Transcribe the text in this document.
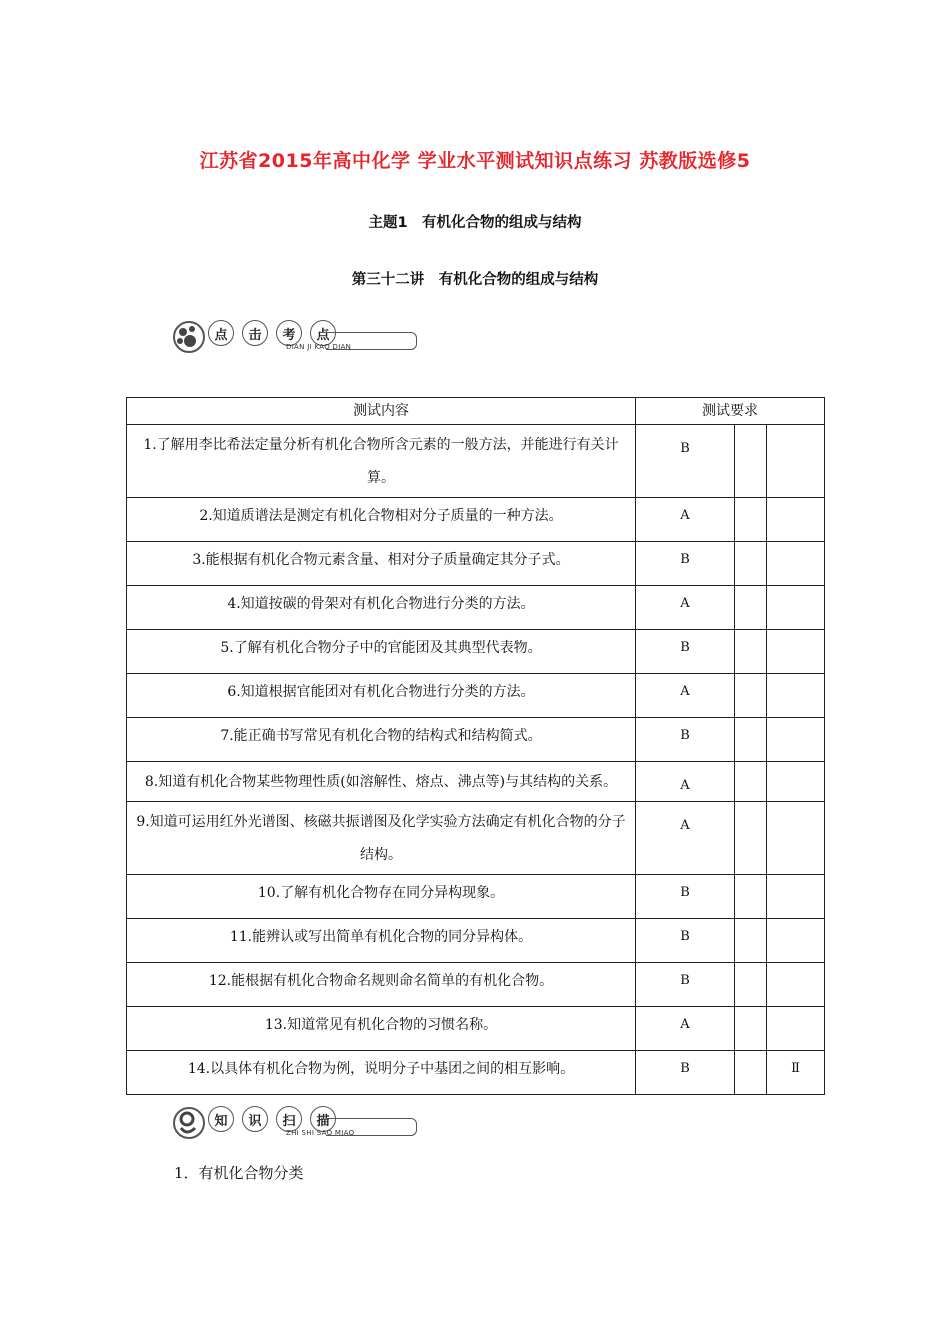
江苏省2015年高中化学 学业水平测试知识点练习 苏教版选修5
主题1　有机化合物的组成与结构
第三十二讲　有机化合物的组成与结构
点	击	考	点
DIAN JI KAO DIAN
测试内容	测试要求		
1.了解用李比希法定量分析有机化合物所含元素的一般方法，并能进行有关计算。	B		
2.知道质谱法是测定有机化合物相对分子质量的一种方法。	A		
3.能根据有机化合物元素含量、相对分子质量确定其分子式。	B		
4.知道按碳的骨架对有机化合物进行分类的方法。	A		
5.了解有机化合物分子中的官能团及其典型代表物。	B		
6.知道根据官能团对有机化合物进行分类的方法。	A		
7.能正确书写常见有机化合物的结构式和结构简式。	B		
8.知道有机化合物某些物理性质(如溶解性、熔点、沸点等)与其结构的关系。	A		
9.知道可运用红外光谱图、核磁共振谱图及化学实验方法确定有机化合物的分子结构。	A		
10.了解有机化合物存在同分异构现象。	B		
11.能辨认或写出简单有机化合物的同分异构体。	B		
12.能根据有机化合物命名规则命名简单的有机化合物。	B		
13.知道常见有机化合物的习惯名称。	A		
14.以具体有机化合物为例，说明分子中基团之间的相互影响。	B		Ⅱ
知	识	扫	描
ZHI SHI SAO MIAO
1．有机化合物分类
